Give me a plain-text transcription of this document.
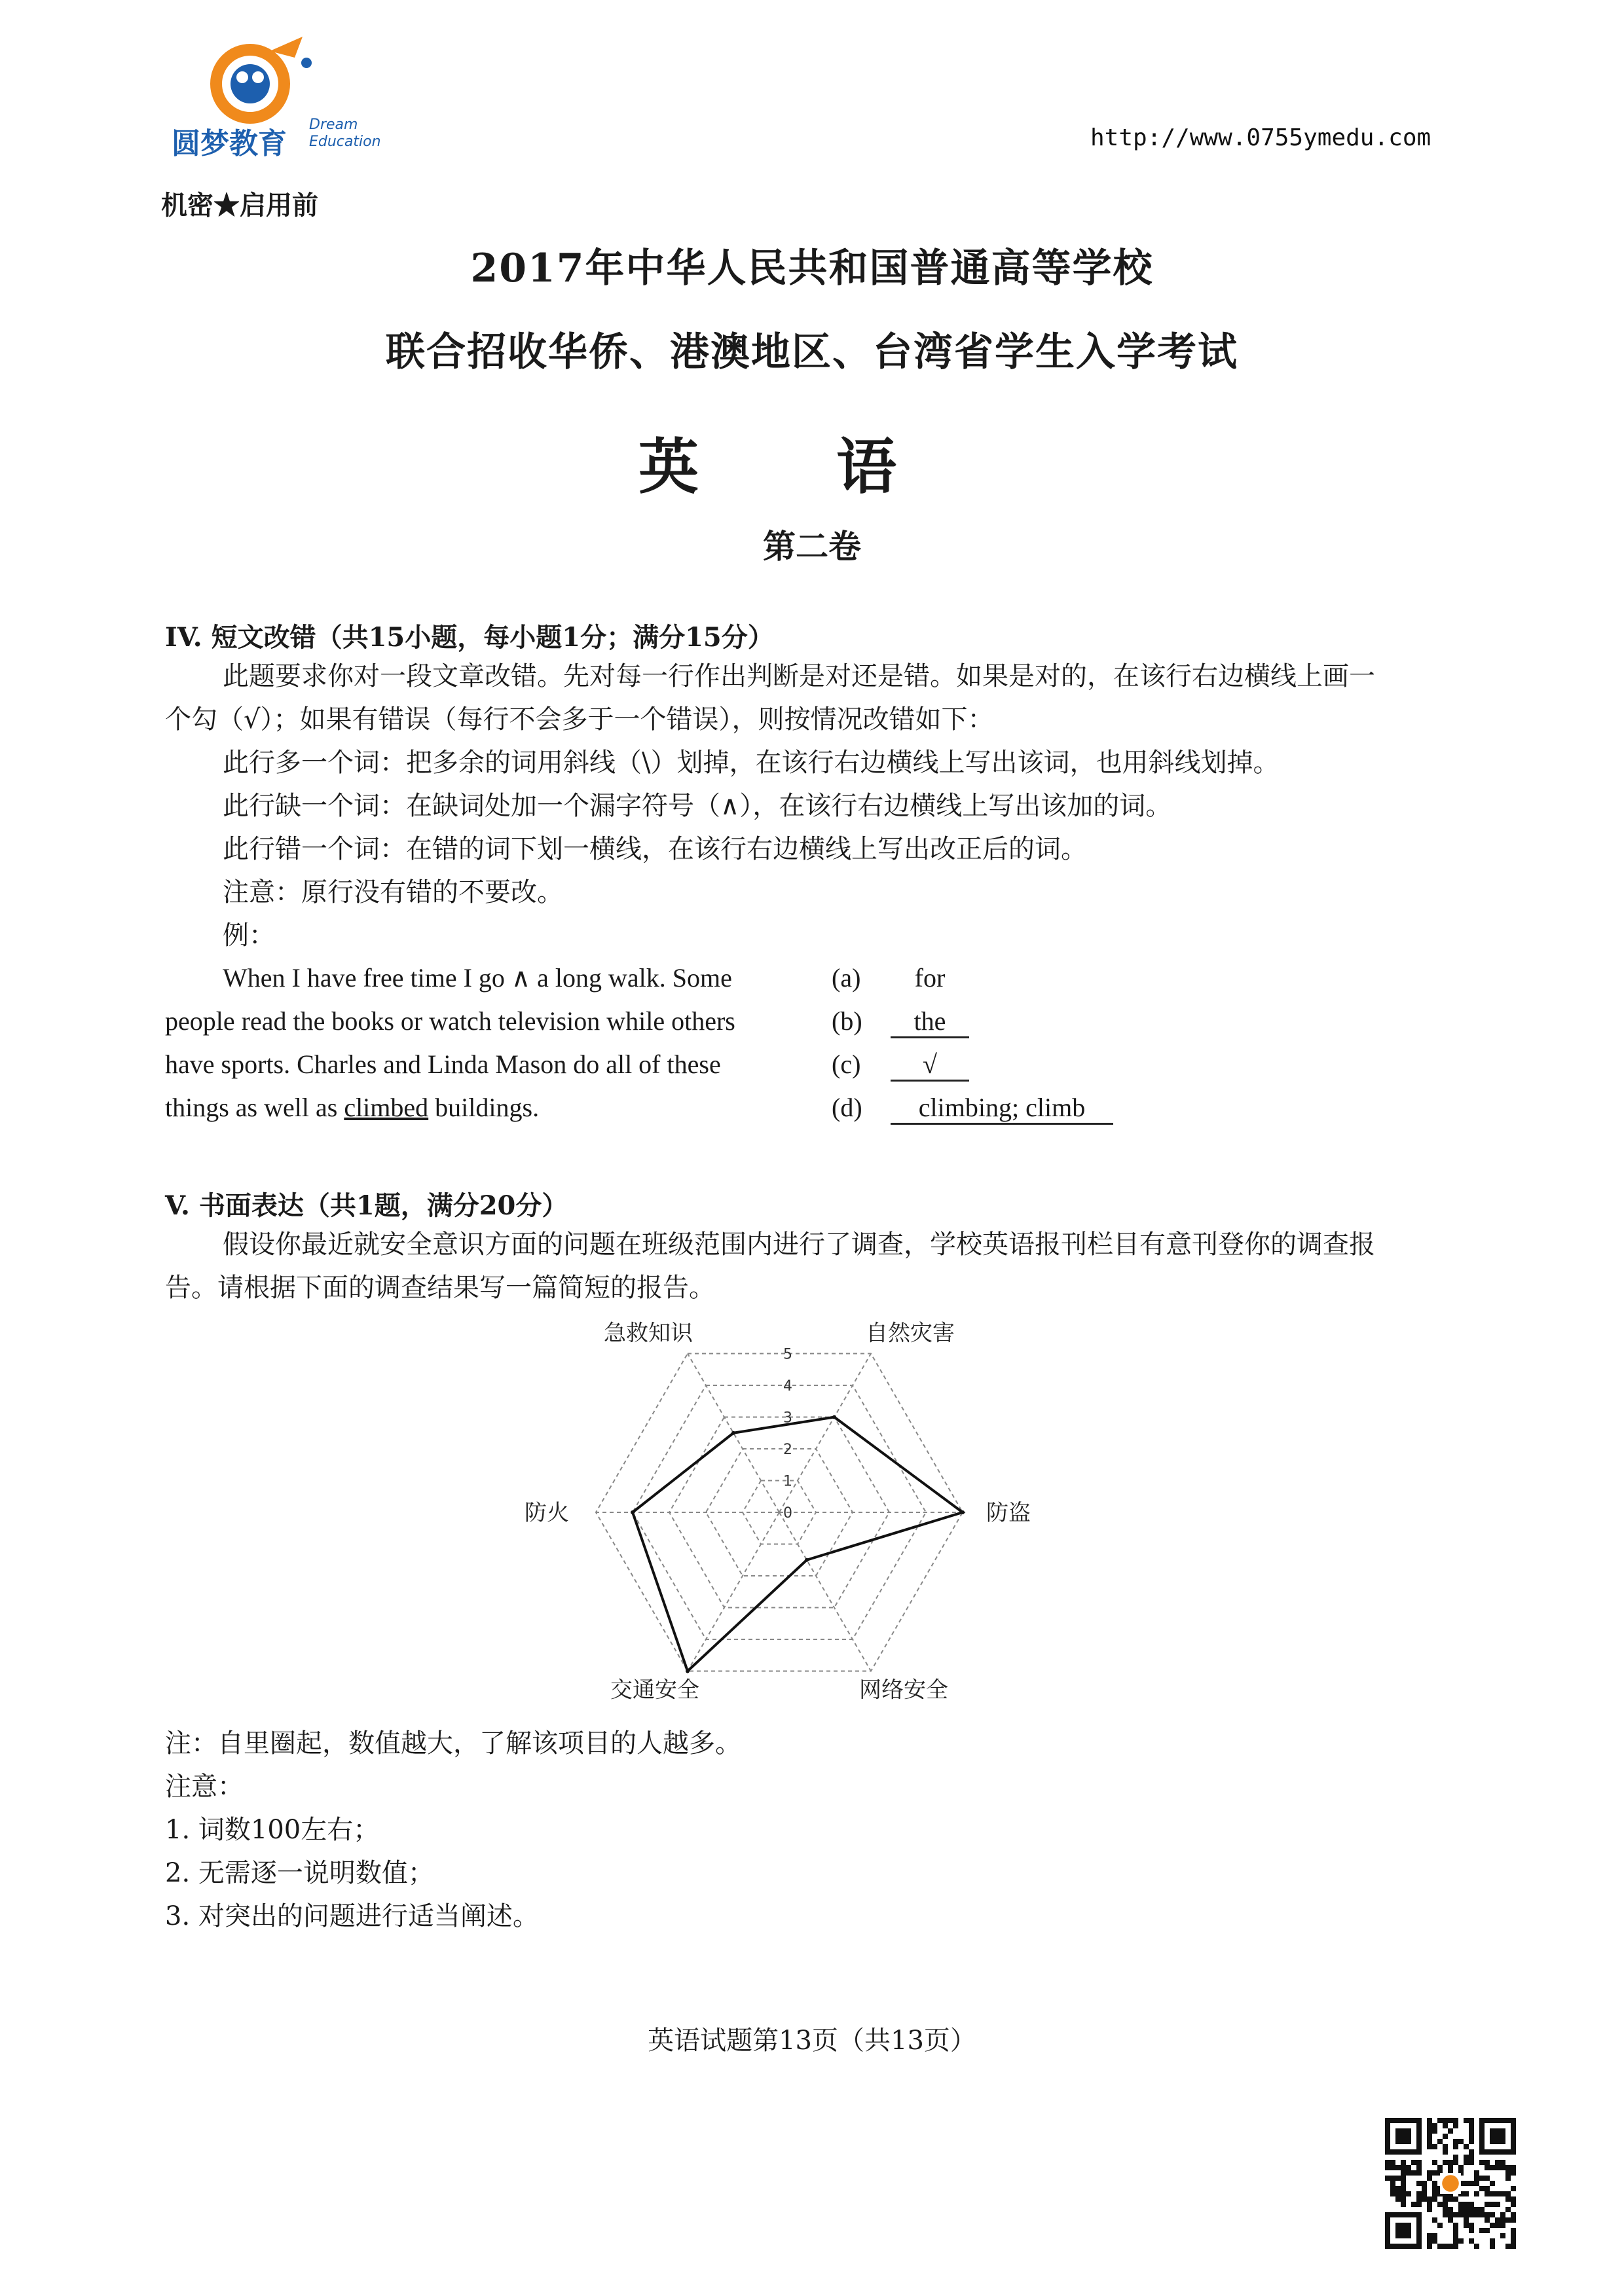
圆梦教育
Dream
Education	http://www.0755ymedu.com
机密★启用前
2017年中华人民共和国普通高等学校
联合招收华侨、港澳地区、台湾省学生入学考试
英 语
第二卷
IV. 短文改错（共15小题，每小题1分；满分15分）
此题要求你对一段文章改错。先对每一行作出判断是对还是错。如果是对的，在该行右边横线上画一个勾（√）；如果有错误（每行不会多于一个错误），则按情况改错如下：
此行多一个词：把多余的词用斜线（\）划掉，在该行右边横线上写出该词，也用斜线划掉。
此行缺一个词：在缺词处加一个漏字符号（∧），在该行右边横线上写出该加的词。
此行错一个词：在错的词下划一横线，在该行右边横线上写出改正后的词。
注意：原行没有错的不要改。
例：
When I have free time I go ∧ a long walk. Some	(a)	for
people read the books or watch television while others	(b)	the
have sports. Charles and Linda Mason do all of these	(c)	√
things as well as climbed buildings.	(d)	climbing; climb
V. 书面表达（共1题，满分20分）
假设你最近就安全意识方面的问题在班级范围内进行了调查，学校英语报刊栏目有意刊登你的调查报告。请根据下面的调查结果写一篇简短的报告。
0
1
2
3
4
5
急救知识	自然灾害
防盗
网络安全
交通安全
防火
注：自里圈起，数值越大，了解该项目的人越多。
注意：
1. 词数100左右；
2. 无需逐一说明数值；
3. 对突出的问题进行适当阐述。
英语试题第13页（共13页）
